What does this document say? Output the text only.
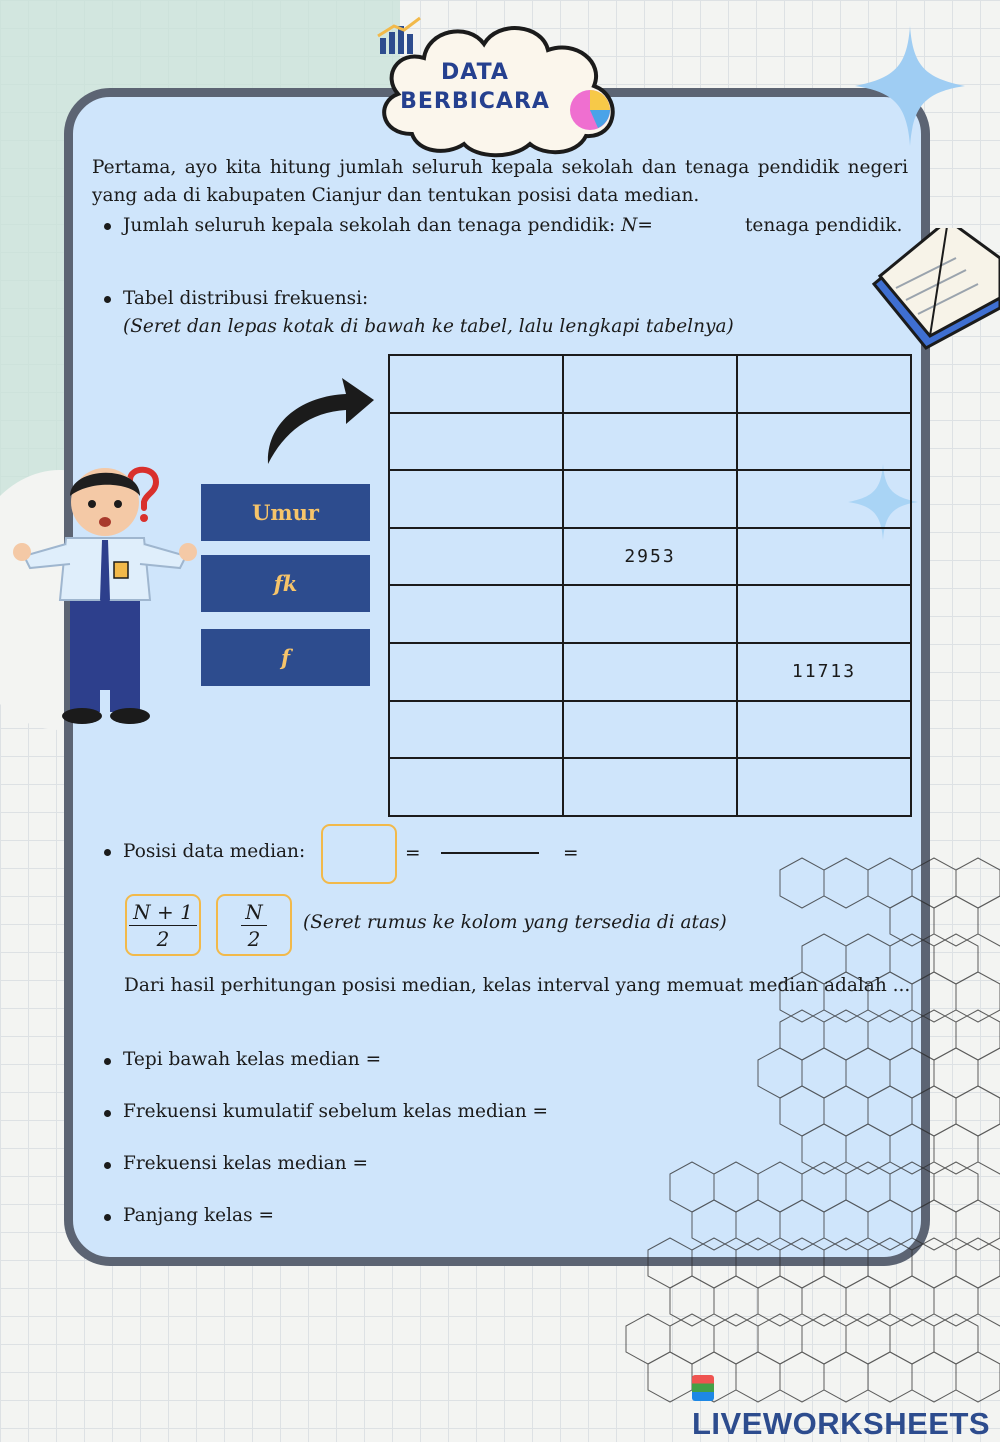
DATA
BERBICARA
Pertama, ayo kita hitung jumlah seluruh kepala sekolah dan tenaga pendidik negeri yang ada di kabupaten Cianjur dan tentukan posisi data median.
Jumlah seluruh kepala sekolah dan tenaga pendidik: N=	tenaga pendidik.
Tabel distribusi frekuensi:
(Seret dan lepas kotak di bawah ke tabel, lalu lengkapi tabelnya)

	2953	

		11713

Umur
fk
f
Posisi data median:	=	=
$\frac{N + 1}{2} \frac{N}{2}$ (Seret rumus ke kolom yang tersedia di atas)
Dari hasil perhitungan posisi median, kelas interval yang memuat median adalah ...
Tepi bawah kelas median =
Frekuensi kumulatif sebelum kelas median =
Frekuensi kelas median =
Panjang kelas =
LIVEWORKSHEETS
